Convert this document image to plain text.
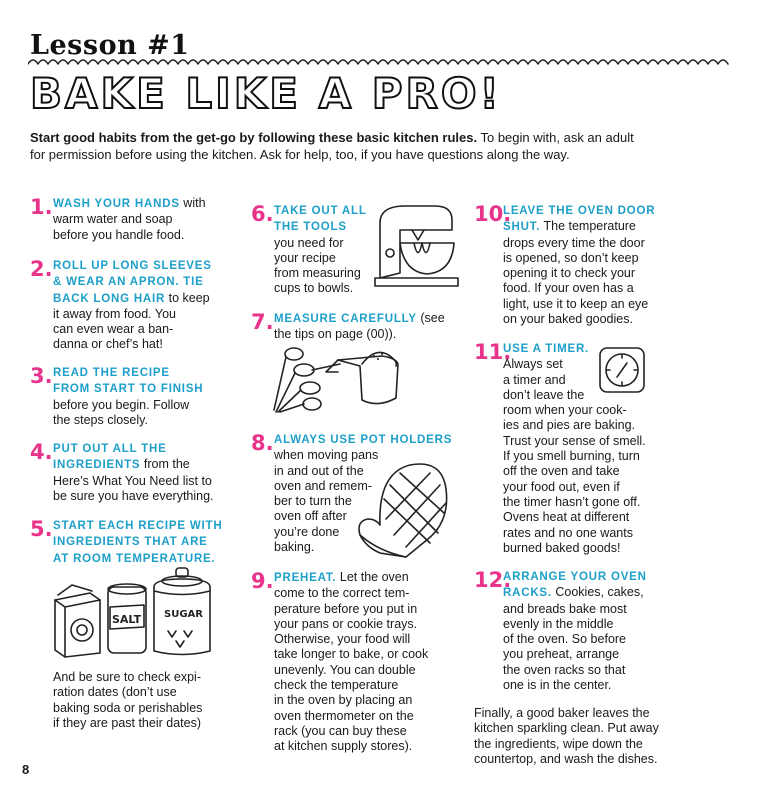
Lesson #1
BAKE LIKE A PRO!
Start good habits from the get-go by following these basic kitchen rules. To begin with, ask an adult
for permission before using the kitchen. Ask for help, too, if you have questions along the way.
1. WASH YOUR HANDS with
warm water and soap
before you handle food.
2. ROLL UP LONG SLEEVES
& WEAR AN APRON. TIE
BACK LONG HAIR to keep
it away from food. You
can even wear a ban-
danna or chef’s hat!
3. READ THE RECIPE
FROM START TO FINISH
before you begin. Follow
the steps closely.
4. PUT OUT ALL THE
INGREDIENTS from the
Here’s What You Need list to
be sure you have everything.
5. START EACH RECIPE WITH
INGREDIENTS THAT ARE
AT ROOM TEMPERATURE.
6. TAKE OUT ALL
THE TOOLS
you need for
your recipe
from measuring
cups to bowls.
7. MEASURE CAREFULLY (see
the tips on page (00)).
8. ALWAYS USE POT HOLDERS
when moving pans
in and out of the
oven and remem-
ber to turn the
oven off after
you’re done
baking.
9. PREHEAT. Let the oven
come to the correct tem-
perature before you put in
your pans or cookie trays.
Otherwise, your food will
take longer to bake, or cook
unevenly. You can double
check the temperature
in the oven by placing an
oven thermometer on the
rack (you can buy these
at kitchen supply stores).
10.
LEAVE THE OVEN DOOR
SHUT. The temperature
drops every time the door
is opened, so don’t keep
opening it to check your
food. If your oven has a
light, use it to keep an eye
on your baked goodies.
11.
USE A TIMER.
Always set
a timer and
don’t leave the
room when your cook-
ies and pies are baking.
Trust your sense of smell.
If you smell burning, turn
off the oven and take
your food out, even if
the timer hasn’t gone off.
Ovens heat at different
rates and no one wants
burned baked goods!
12.
ARRANGE YOUR OVEN
RACKS. Cookies, cakes,
and breads bake most
evenly in the middle
of the oven. So before
you preheat, arrange
the oven racks so that
one is in the center.
And be sure to check expi-
ration dates (don’t use
baking soda or perishables
if they are past their dates)
Finally, a good baker leaves the
kitchen sparkling clean. Put away
the ingredients, wipe down the
countertop, and wash the dishes.
8
SALT SUGAR
